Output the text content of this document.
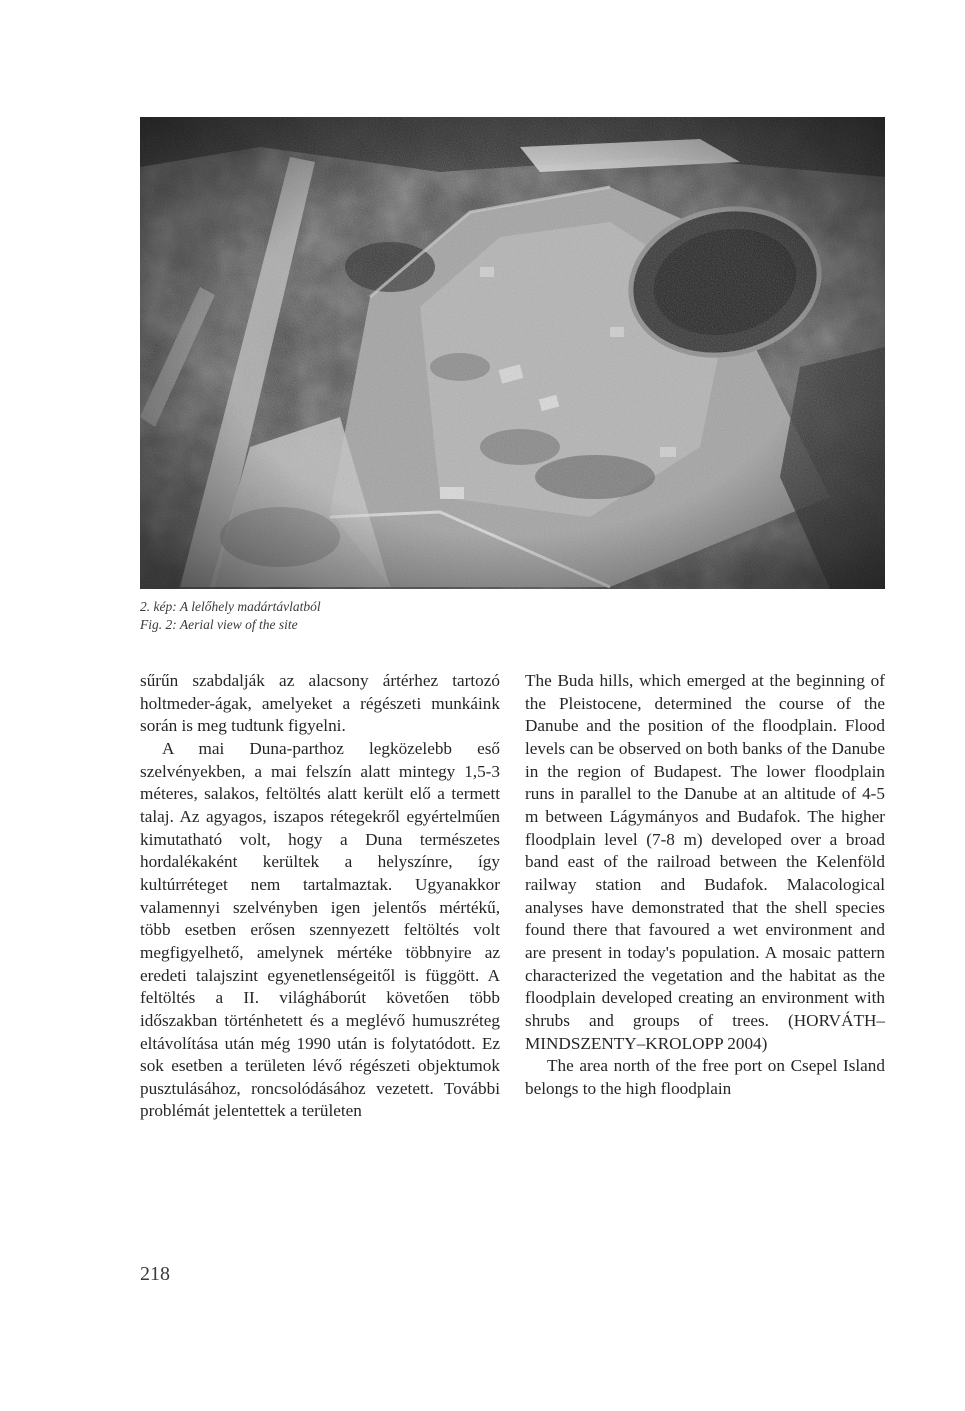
2. kép: A lelőhely madártávlatból
Fig. 2: Aerial view of the site

sűrűn szabdalják az alacsony ártérhez tartozó holtmeder-ágak, amelyeket a régészeti munkáink során is meg tudtunk figyelni.

A mai Duna-parthoz legközelebb eső szelvényekben, a mai felszín alatt mintegy 1,5-3 méteres, salakos, feltöltés alatt került elő a termett talaj. Az agyagos, iszapos rétegekről egyértelműen kimutatható volt, hogy a Duna természetes hordalékaként kerültek a helyszínre, így kultúrréteget nem tartalmaztak. Ugyanakkor valamennyi szelvényben igen jelentős mértékű, több esetben erősen szennyezett feltöltés volt megfigyelhető, amelynek mértéke többnyire az eredeti talajszint egyenetlenségeitől is függött. A feltöltés a II. világháborút követően több időszakban történhetett és a meglévő humuszréteg eltávolítása után még 1990 után is folytatódott. Ez sok esetben a területen lévő régészeti objektumok pusztulásához, roncsolódásához vezetett. További problémát jelentettek a területen

The Buda hills, which emerged at the beginning of the Pleistocene, determined the course of the Danube and the position of the floodplain. Flood levels can be observed on both banks of the Danube in the region of Budapest. The lower floodplain runs in parallel to the Danube at an altitude of 4-5 m between Lágymányos and Budafok. The higher floodplain level (7-8 m) developed over a broad band east of the railroad between the Kelenföld railway station and Budafok. Malacological analyses have demonstrated that the shell species found there that favoured a wet environment and are present in today's population. A mosaic pattern characterized the vegetation and the habitat as the floodplain developed creating an environment with shrubs and groups of trees. (HORVÁTH–MINDSZENTY–KROLOPP 2004)

The area north of the free port on Csepel Island belongs to the high floodplain

218
